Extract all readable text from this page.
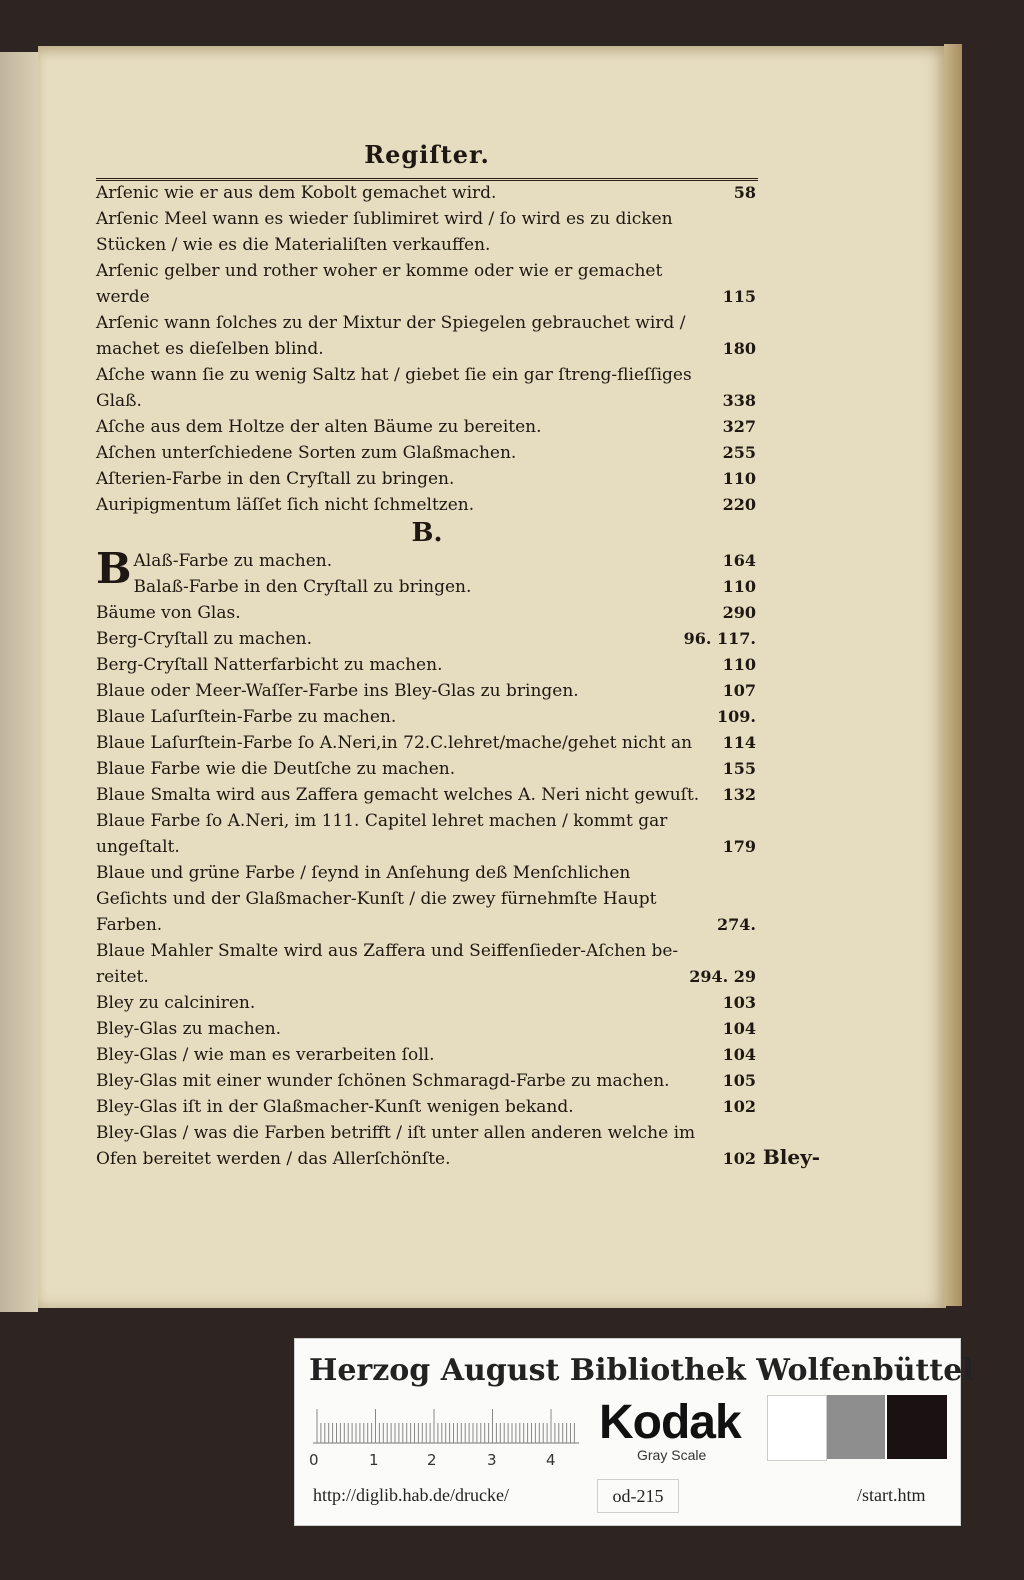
Regiſter.
Arſenic wie er aus dem Kobolt gemachet wird.	58
Arſenic Meel wann es wieder ſublimiret wird / ſo wird es zu dicken Stücken / wie es die Materialiſten verkauffen.
Arſenic gelber und rother woher er komme oder wie er gemachet werde	115
Arſenic wann ſolches zu der Mixtur der Spiegelen gebrauchet wird / machet es dieſelben blind.	180
Aſche wann ſie zu wenig Saltz hat / giebet ſie ein gar ſtreng-flieſſiges Glaß.	338
Aſche aus dem Holtze der alten Bäume zu bereiten.	327
Aſchen unterſchiedene Sorten zum Glaßmachen.	255
Aſterien-Farbe in den Cryſtall zu bringen.	110
Auripigmentum läſſet ſich nicht ſchmeltzen.	220
B.
B Alaß-Farbe zu machen.	164
Balaß-Farbe in den Cryſtall zu bringen.	110
Bäume von Glas.	290
Berg-Cryſtall zu machen.	96. 117.
Berg-Cryſtall Natterfarbicht zu machen.	110
Blaue oder Meer-Waſſer-Farbe ins Bley-Glas zu bringen.	107
Blaue Laſurſtein-Farbe zu machen.	109.
Blaue Laſurſtein-Farbe ſo A.Neri,in 72.C.lehret/mache/gehet nicht an 114
Blaue Farbe wie die Deutſche zu machen.	155
Blaue Smalta wird aus Zaffera gemacht welches A. Neri nicht gewuſt. 132
Blaue Farbe ſo A.Neri, im 111. Capitel lehret machen / kommt gar ungeſtalt.	179
Blaue und grüne Farbe / ſeynd in Anſehung deß Menſchlichen Geſichts und der Glaßmacher-Kunſt / die zwey fürnehmſte Haupt Farben.	274.
Blaue Mahler Smalte wird aus Zaffera und Seiffenſieder-Aſchen bereitet.	294. 29
Bley zu calciniren.	103
Bley-Glas zu machen.	104
Bley-Glas / wie man es verarbeiten ſoll.	104
Bley-Glas mit einer wunder ſchönen Schmaragd-Farbe zu machen.	105
Bley-Glas iſt in der Glaßmacher-Kunſt wenigen bekand.	102
Bley-Glas / was die Farben betrifft / iſt unter allen anderen welche im Ofen bereitet werden / das Allerſchönſte.	102 Bley-
Herzog August Bibliothek Wolfenbüttel
0	1	2	3	4
Kodak
Gray Scale
http://diglib.hab.de/drucke/	od-215	/start.htm
